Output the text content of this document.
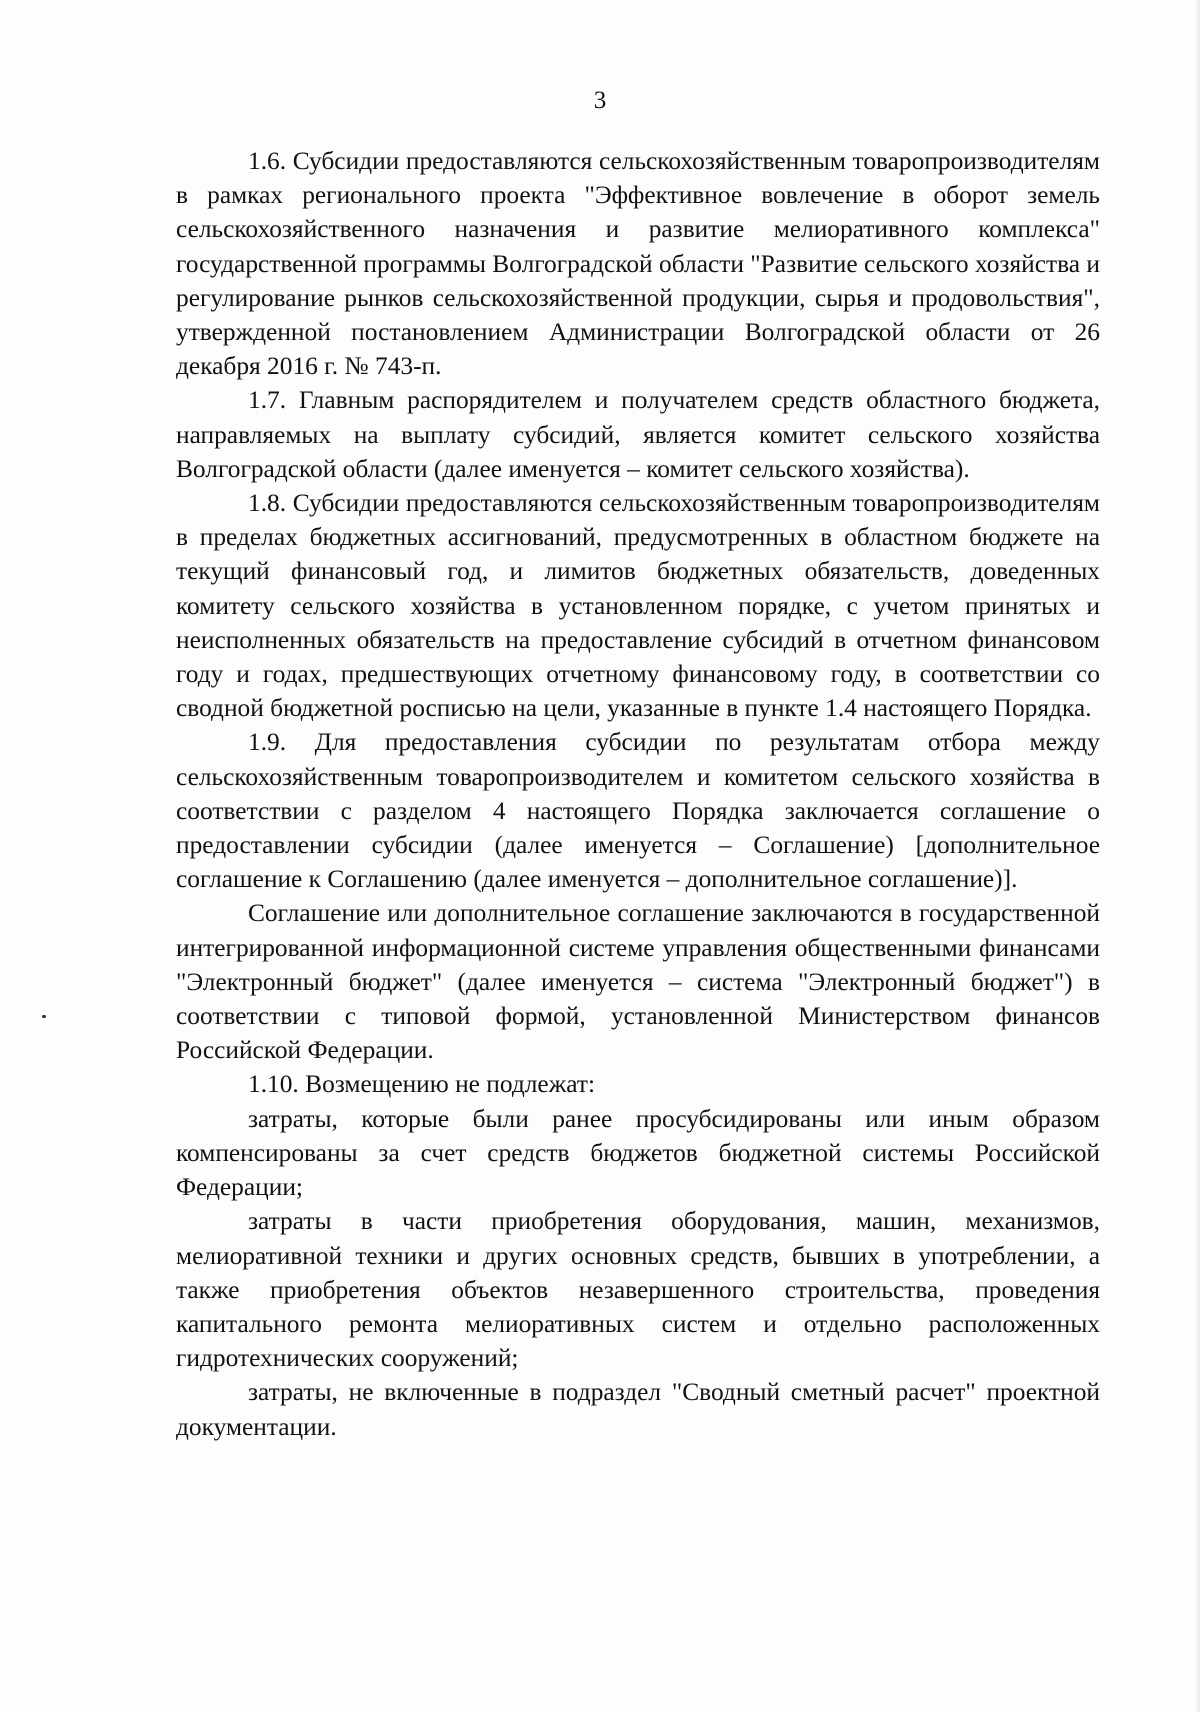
3

1.6. Субсидии предоставляются сельскохозяйственным товаропроизводителям в рамках регионального проекта "Эффективное вовлечение в оборот земель сельскохозяйственного назначения и развитие мелиоративного комплекса" государственной программы Волгоградской области "Развитие сельского хозяйства и регулирование рынков сельскохозяйственной продукции, сырья и продовольствия", утвержденной постановлением Администрации Волгоградской области от 26 декабря 2016 г. № 743-п.

1.7. Главным распорядителем и получателем средств областного бюджета, направляемых на выплату субсидий, является комитет сельского хозяйства Волгоградской области (далее именуется – комитет сельского хозяйства).

1.8. Субсидии предоставляются сельскохозяйственным товаропроизводителям в пределах бюджетных ассигнований, предусмотренных в областном бюджете на текущий финансовый год, и лимитов бюджетных обязательств, доведенных комитету сельского хозяйства в установленном порядке, с учетом принятых и неисполненных обязательств на предоставление субсидий в отчетном финансовом году и годах, предшествующих отчетному финансовому году, в соответствии со сводной бюджетной росписью на цели, указанные в пункте 1.4 настоящего Порядка.

1.9. Для предоставления субсидии по результатам отбора между сельскохозяйственным товаропроизводителем и комитетом сельского хозяйства в соответствии с разделом 4 настоящего Порядка заключается соглашение о предоставлении субсидии (далее именуется – Соглашение) [дополнительное соглашение к Соглашению (далее именуется – дополнительное соглашение)].

Соглашение или дополнительное соглашение заключаются в государственной интегрированной информационной системе управления общественными финансами "Электронный бюджет" (далее именуется – система "Электронный бюджет") в соответствии с типовой формой, установленной Министерством финансов Российской Федерации.

1.10. Возмещению не подлежат:

затраты, которые были ранее просубсидированы или иным образом компенсированы за счет средств бюджетов бюджетной системы Российской Федерации;

затраты в части приобретения оборудования, машин, механизмов, мелиоративной техники и других основных средств, бывших в употреблении, а также приобретения объектов незавершенного строительства, проведения капитального ремонта мелиоративных систем и отдельно расположенных гидротехнических сооружений;

затраты, не включенные в подраздел "Сводный сметный расчет" проектной документации.
